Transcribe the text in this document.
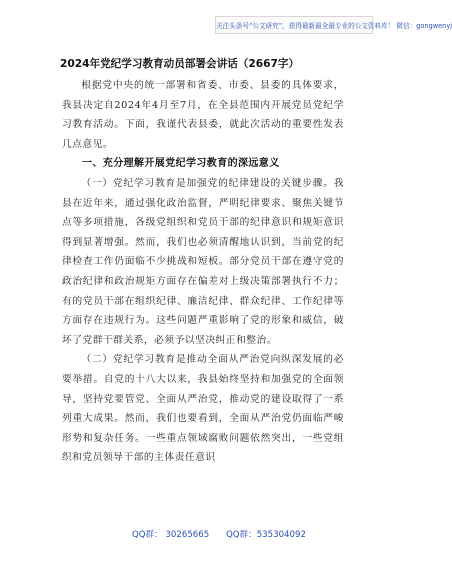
关注头条号“公文研究”，获得最新最全最专业的公文资料库！ 微信：gongwenyj
2024年党纪学习教育动员部署会讲话（2667字）

根据党中央的统一部署和省委、市委、县委的具体要求，我县决定自2024年4月至7月，在全县范围内开展党员党纪学习教育活动。下面，我谨代表县委，就此次活动的重要性发表几点意见。

一、充分理解开展党纪学习教育的深远意义

（一）党纪学习教育是加强党的纪律建设的关键步骤。我县在近年来，通过强化政治监督，严明纪律要求、聚焦关键节点等多项措施，各级党组织和党员干部的纪律意识和规矩意识得到显著增强。然而，我们也必须清醒地认识到，当前党的纪律检查工作仍面临不少挑战和短板。部分党员干部在遵守党的政治纪律和政治规矩方面存在偏差对上级决策部署执行不力；有的党员干部在组织纪律、廉洁纪律、群众纪律、工作纪律等方面存在违规行为。这些问题严重影响了党的形象和威信，破坏了党群干群关系，必须予以坚决纠正和整治。

（二）党纪学习教育是推动全面从严治党向纵深发展的必要举措。自党的十八大以来，我县始终坚持和加强党的全面领导，坚持党要管党、全面从严治党，推动党的建设取得了一系列重大成果。然而，我们也要看到，全面从严治党仍面临严峻形势和复杂任务。一些重点领域腐败问题依然突出，一些党组织和党员领导干部的主体责任意识

QQ群： 30265665 QQ群：535304092
